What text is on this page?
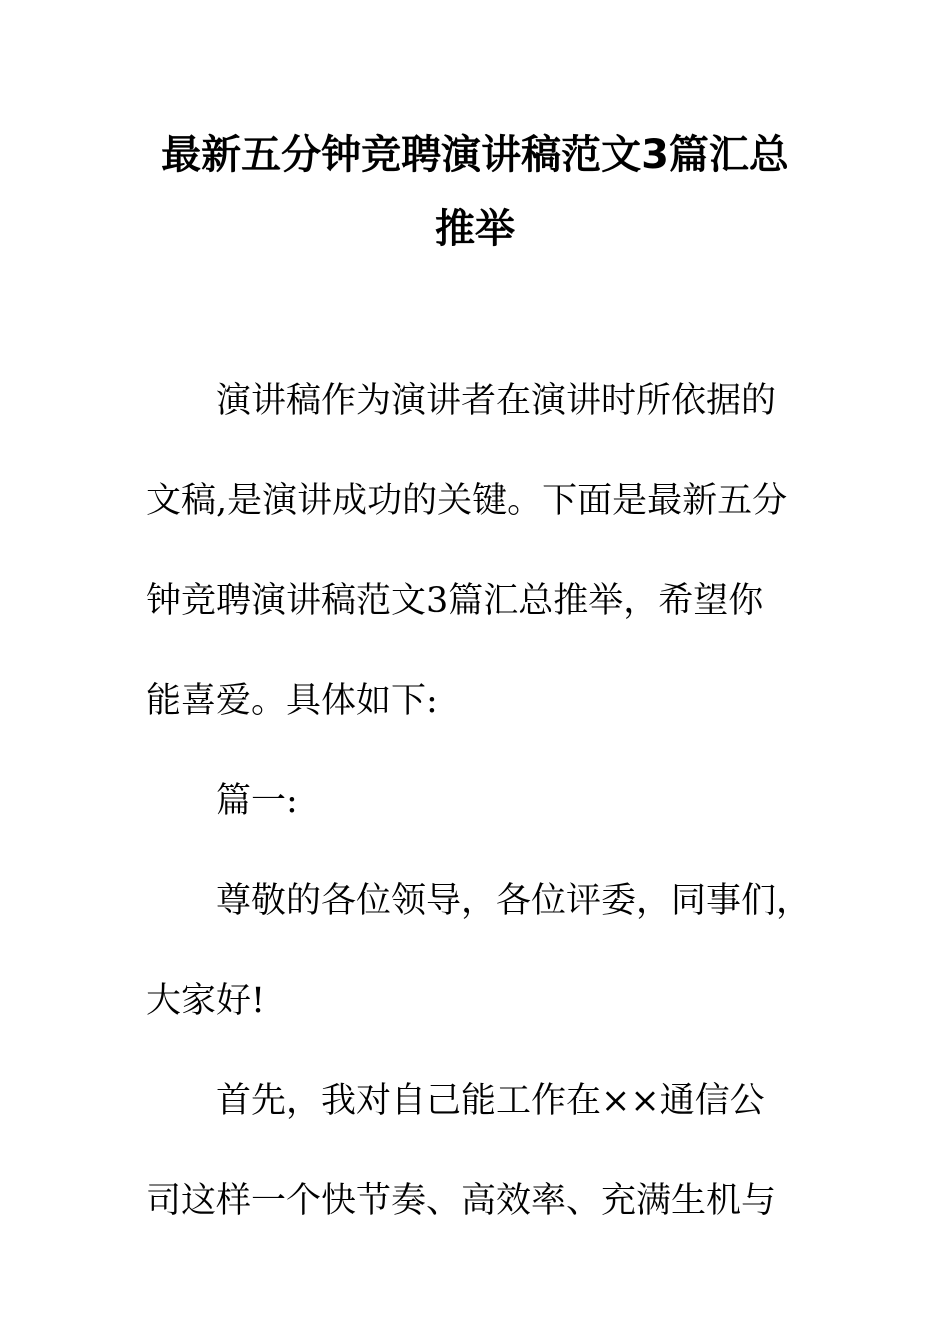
最新五分钟竞聘演讲稿范文3篇汇总
推举
演讲稿作为演讲者在演讲时所依据的
文稿,是演讲成功的关键。下面是最新五分
钟竞聘演讲稿范文3篇汇总推举，希望你
能喜爱。具体如下:
篇一:
尊敬的各位领导，各位评委，同事们，
大家好!
首先，我对自己能工作在××通信公
司这样一个快节奏、高效率、充满生机与
